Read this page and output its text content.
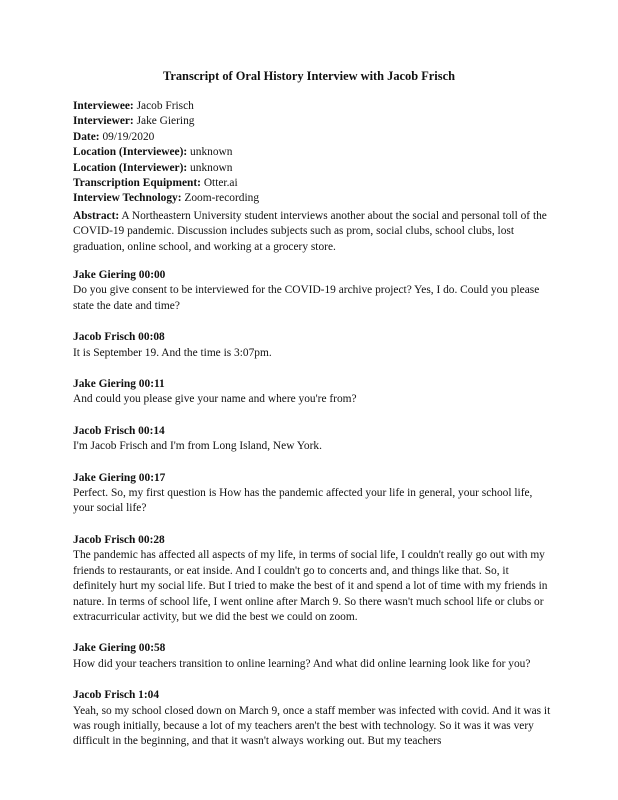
Transcript of Oral History Interview with Jacob Frisch
Interviewee: Jacob Frisch
Interviewer: Jake Giering
Date: 09/19/2020
Location (Interviewee): unknown
Location (Interviewer): unknown
Transcription Equipment: Otter.ai
Interview Technology: Zoom-recording
Abstract: A Northeastern University student interviews another about the social and personal toll of the COVID-19 pandemic. Discussion includes subjects such as prom, social clubs, school clubs, lost graduation, online school, and working at a grocery store.
Jake Giering 00:00
Do you give consent to be interviewed for the COVID-19 archive project? Yes, I do. Could you please state the date and time?
Jacob Frisch 00:08
It is September 19. And the time is 3:07pm.
Jake Giering 00:11
And could you please give your name and where you're from?
Jacob Frisch 00:14
I'm Jacob Frisch and I'm from Long Island, New York.
Jake Giering 00:17
Perfect. So, my first question is How has the pandemic affected your life in general, your school life, your social life?
Jacob Frisch 00:28
The pandemic has affected all aspects of my life, in terms of social life, I couldn't really go out with my friends to restaurants, or eat inside. And I couldn't go to concerts and, and things like that. So, it definitely hurt my social life. But I tried to make the best of it and spend a lot of time with my friends in nature. In terms of school life, I went online after March 9. So there wasn't much school life or clubs or extracurricular activity, but we did the best we could on zoom.
Jake Giering 00:58
How did your teachers transition to online learning? And what did online learning look like for you?
Jacob Frisch 1:04
Yeah, so my school closed down on March 9, once a staff member was infected with covid. And it was it was rough initially, because a lot of my teachers aren't the best with technology. So it was it was very difficult in the beginning, and that it wasn't always working out. But my teachers
